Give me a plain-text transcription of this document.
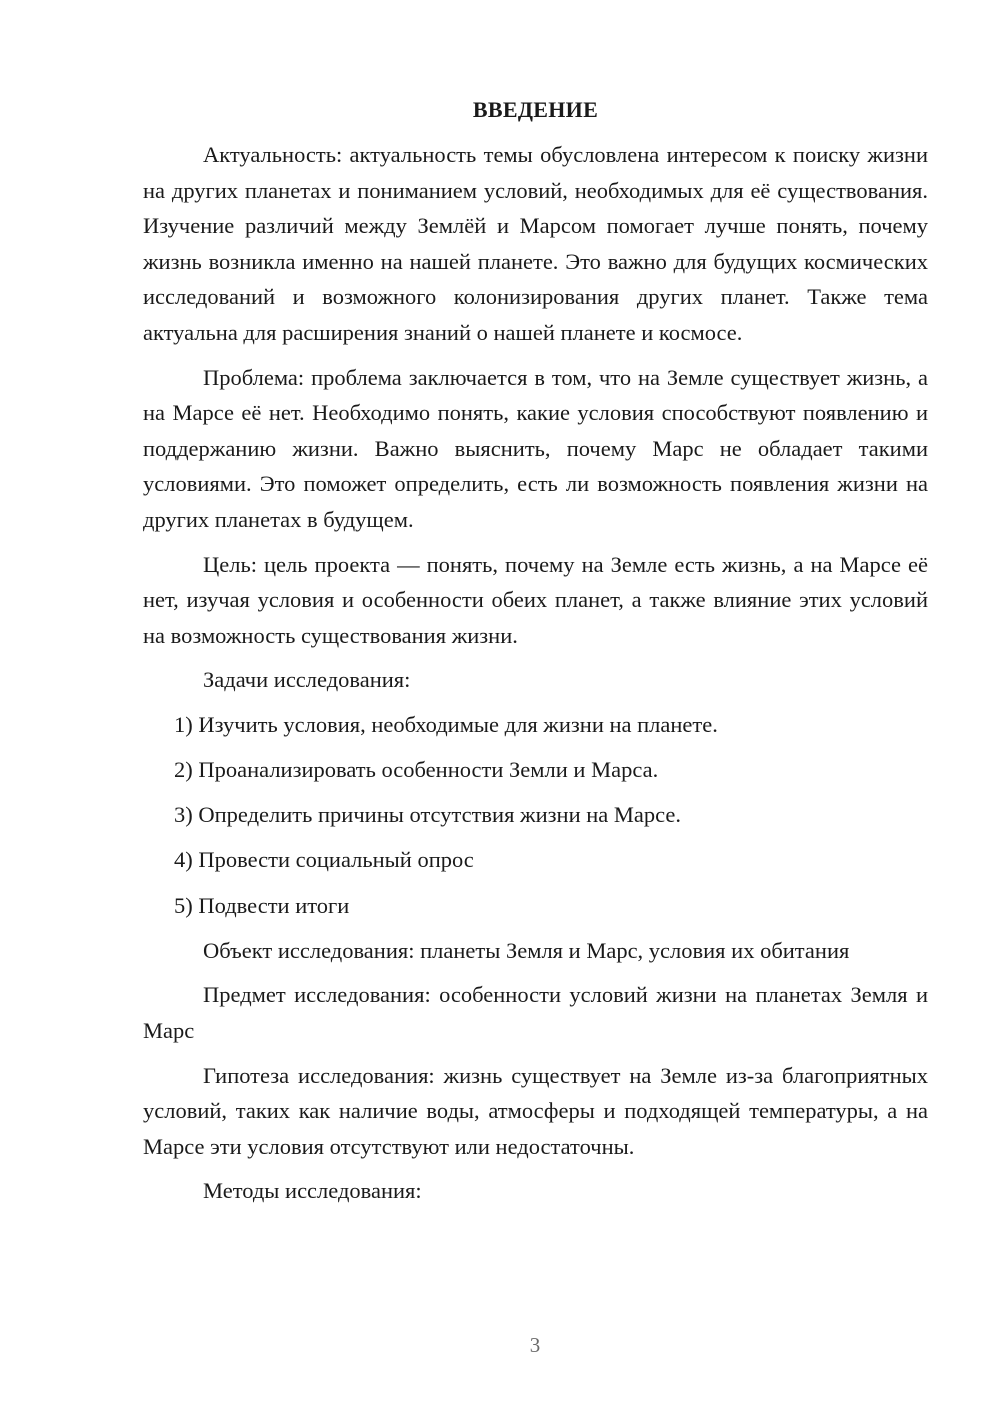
ВВЕДЕНИЕ

Актуальность: актуальность темы обусловлена интересом к поиску жизни на других планетах и пониманием условий, необходимых для её существования. Изучение различий между Землёй и Марсом помогает лучше понять, почему жизнь возникла именно на нашей планете. Это важно для будущих космических исследований и возможного колонизирования других планет. Также тема актуальна для расширения знаний о нашей планете и космосе.

Проблема: проблема заключается в том, что на Земле существует жизнь, а на Марсе её нет. Необходимо понять, какие условия способствуют появлению и поддержанию жизни. Важно выяснить, почему Марс не обладает такими условиями. Это поможет определить, есть ли возможность появления жизни на других планетах в будущем.

Цель: цель проекта — понять, почему на Земле есть жизнь, а на Марсе её нет, изучая условия и особенности обеих планет, а также влияние этих условий на возможность существования жизни.

Задачи исследования:

1) Изучить условия, необходимые для жизни на планете.
2) Проанализировать особенности Земли и Марса.
3) Определить причины отсутствия жизни на Марсе.
4) Провести социальный опрос
5) Подвести итоги

Объект исследования: планеты Земля и Марс, условия их обитания

Предмет исследования: особенности условий жизни на планетах Земля и Марс

Гипотеза исследования: жизнь существует на Земле из-за благоприятных условий, таких как наличие воды, атмосферы и подходящей температуры, а на Марсе эти условия отсутствуют или недостаточны.

Методы исследования:

3
